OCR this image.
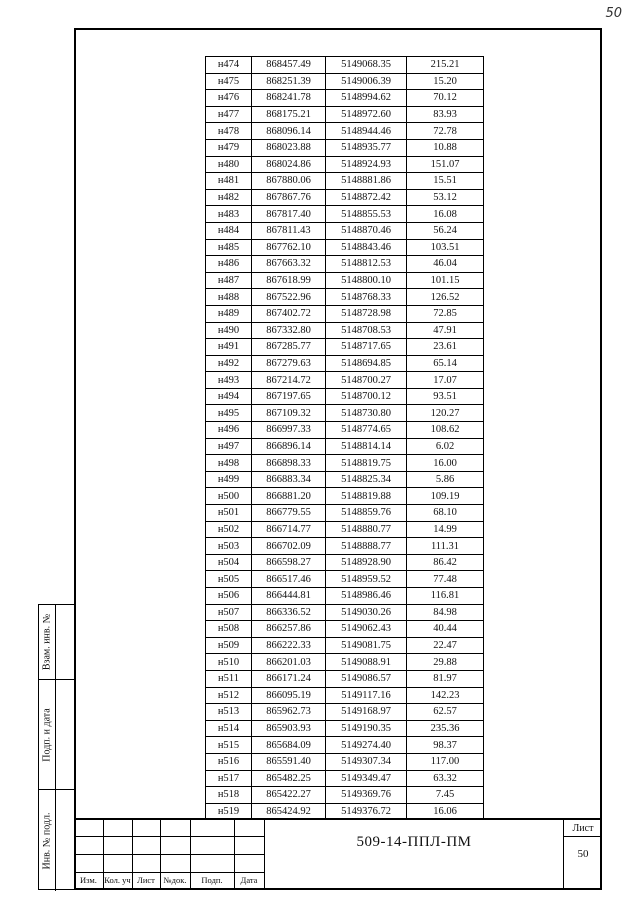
50
Взам. инв. №
Подп. и дата
Инв. № подл.
н474	868457.49	5149068.35	215.21
н475	868251.39	5149006.39	15.20
н476	868241.78	5148994.62	70.12
н477	868175.21	5148972.60	83.93
н478	868096.14	5148944.46	72.78
н479	868023.88	5148935.77	10.88
н480	868024.86	5148924.93	151.07
н481	867880.06	5148881.86	15.51
н482	867867.76	5148872.42	53.12
н483	867817.40	5148855.53	16.08
н484	867811.43	5148870.46	56.24
н485	867762.10	5148843.46	103.51
н486	867663.32	5148812.53	46.04
н487	867618.99	5148800.10	101.15
н488	867522.96	5148768.33	126.52
н489	867402.72	5148728.98	72.85
н490	867332.80	5148708.53	47.91
н491	867285.77	5148717.65	23.61
н492	867279.63	5148694.85	65.14
н493	867214.72	5148700.27	17.07
н494	867197.65	5148700.12	93.51
н495	867109.32	5148730.80	120.27
н496	866997.33	5148774.65	108.62
н497	866896.14	5148814.14	6.02
н498	866898.33	5148819.75	16.00
н499	866883.34	5148825.34	5.86
н500	866881.20	5148819.88	109.19
н501	866779.55	5148859.76	68.10
н502	866714.77	5148880.77	14.99
н503	866702.09	5148888.77	111.31
н504	866598.27	5148928.90	86.42
н505	866517.46	5148959.52	77.48
н506	866444.81	5148986.46	116.81
н507	866336.52	5149030.26	84.98
н508	866257.86	5149062.43	40.44
н509	866222.33	5149081.75	22.47
н510	866201.03	5149088.91	29.88
н511	866171.24	5149086.57	81.97
н512	866095.19	5149117.16	142.23
н513	865962.73	5149168.97	62.57
н514	865903.93	5149190.35	235.36
н515	865684.09	5149274.40	98.37
н516	865591.40	5149307.34	117.00
н517	865482.25	5149349.47	63.32
н518	865422.27	5149369.76	7.45
н519	865424.92	5149376.72	16.06
Изм. Кол. уч Лист	№док.	Подп.	Дата
509-14-ППЛ-ПМ
Лист
50
